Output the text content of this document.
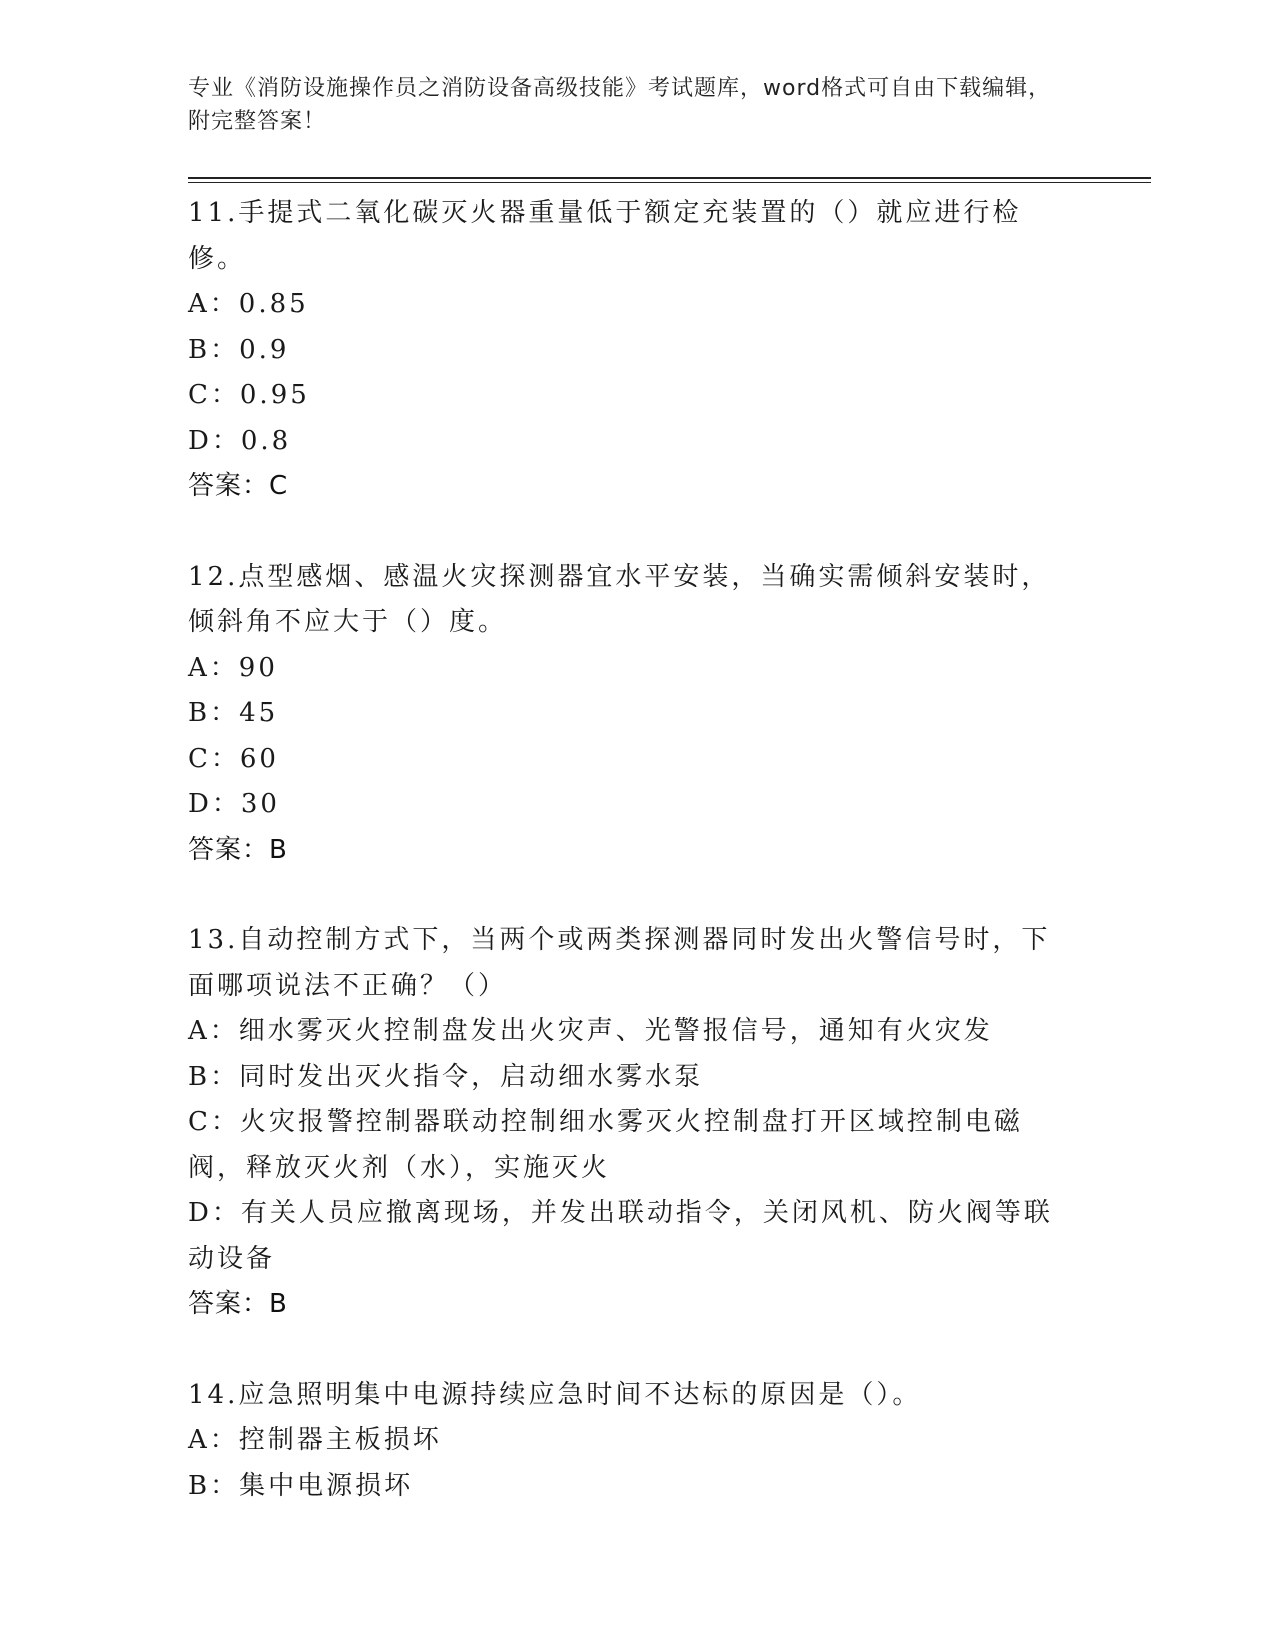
专业《消防设施操作员之消防设备高级技能》考试题库，word格式可自由下载编辑，附完整答案！
11.手提式二氧化碳灭火器重量低于额定充装置的（）就应进行检修。
A：0.85
B：0.9
C：0.95
D：0.8
答案：C
12.点型感烟、感温火灾探测器宜水平安装，当确实需倾斜安装时，倾斜角不应大于（）度。
A：90
B：45
C：60
D：30
答案：B
13.自动控制方式下，当两个或两类探测器同时发出火警信号时，下面哪项说法不正确？（）
A：细水雾灭火控制盘发出火灾声、光警报信号，通知有火灾发
B：同时发出灭火指令，启动细水雾水泵
C：火灾报警控制器联动控制细水雾灭火控制盘打开区域控制电磁阀，释放灭火剂（水），实施灭火
D：有关人员应撤离现场，并发出联动指令，关闭风机、防火阀等联动设备
答案：B
14.应急照明集中电源持续应急时间不达标的原因是（）。
A：控制器主板损坏
B：集中电源损坏
